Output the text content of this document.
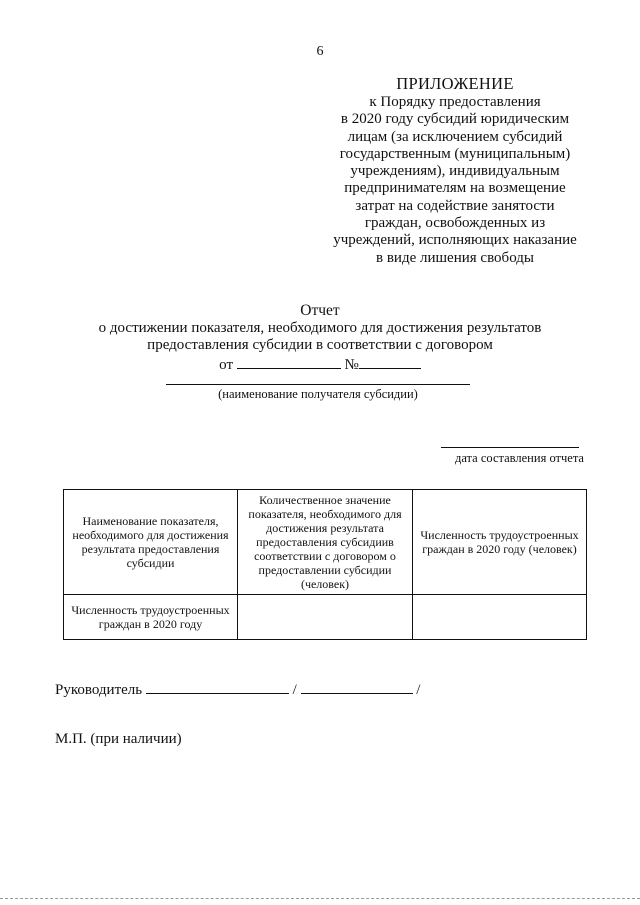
6
ПРИЛОЖЕНИЕ
к Порядку предоставления
в 2020 году субсидий юридическим
лицам (за исключением субсидий
государственным (муниципальным)
учреждениям), индивидуальным
предпринимателям на возмещение
затрат на содействие занятости
граждан, освобожденных из
учреждений, исполняющих наказание
в виде лишения свободы
Отчет
о достижении показателя, необходимого для достижения результатов
предоставления субсидии в соответствии с договором
от	№
(наименование получателя субсидии)
дата составления отчета
Наименование показателя, необходимого для достижения результата предоставления субсидии	Количественное значение показателя, необходимого для достижения результата предоставления субсидиив соответствии с договором о предоставлении субсидии (человек)	Численность трудоустроенных граждан в 2020 году (человек)
Численность трудоустроенных граждан в 2020 году		
Руководитель	/	/
М.П. (при наличии)
